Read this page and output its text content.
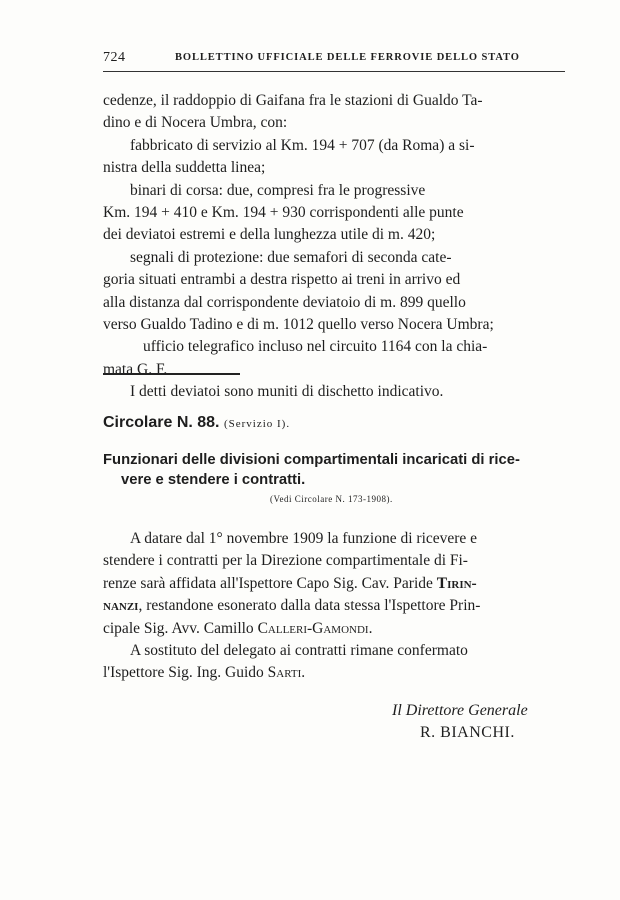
724	BOLLETTINO UFFICIALE DELLE FERROVIE DELLO STATO
cedenze, il raddoppio di Gaifana fra le stazioni di Gualdo Ta-
dino e di Nocera Umbra, con:
fabbricato di servizio al Km. 194 + 707 (da Roma) a si-
nistra della suddetta linea;
binari di corsa: due, compresi fra le progressive
Km. 194 + 410 e Km. 194 + 930 corrispondenti alle punte
dei deviatoi estremi e della lunghezza utile di m. 420;
segnali di protezione: due semafori di seconda cate-
goria situati entrambi a destra rispetto ai treni in arrivo ed
alla distanza dal corrispondente deviatoio di m. 899 quello
verso Gualdo Tadino e di m. 1012 quello verso Nocera Umbra;
ufficio telegrafico incluso nel circuito 1164 con la chia-
mata G. F.
I detti deviatoi sono muniti di dischetto indicativo.
Circolare N. 88. (Servizio I).
Funzionari delle divisioni compartimentali incaricati di rice-
vere e stendere i contratti.
(Vedi Circolare N. 173-1908).
A datare dal 1° novembre 1909 la funzione di ricevere e
stendere i contratti per la Direzione compartimentale di Fi-
renze sarà affidata all'Ispettore Capo Sig. Cav. Paride Tirin-
nanzi , restandone esonerato dalla data stessa l'Ispettore Prin-
cipale Sig. Avv. Camillo Calleri-Gamondi .
A sostituto del delegato ai contratti rimane confermato
l'Ispettore Sig. Ing. Guido Sarti .
Il Direttore Generale
R. BIANCHI.
